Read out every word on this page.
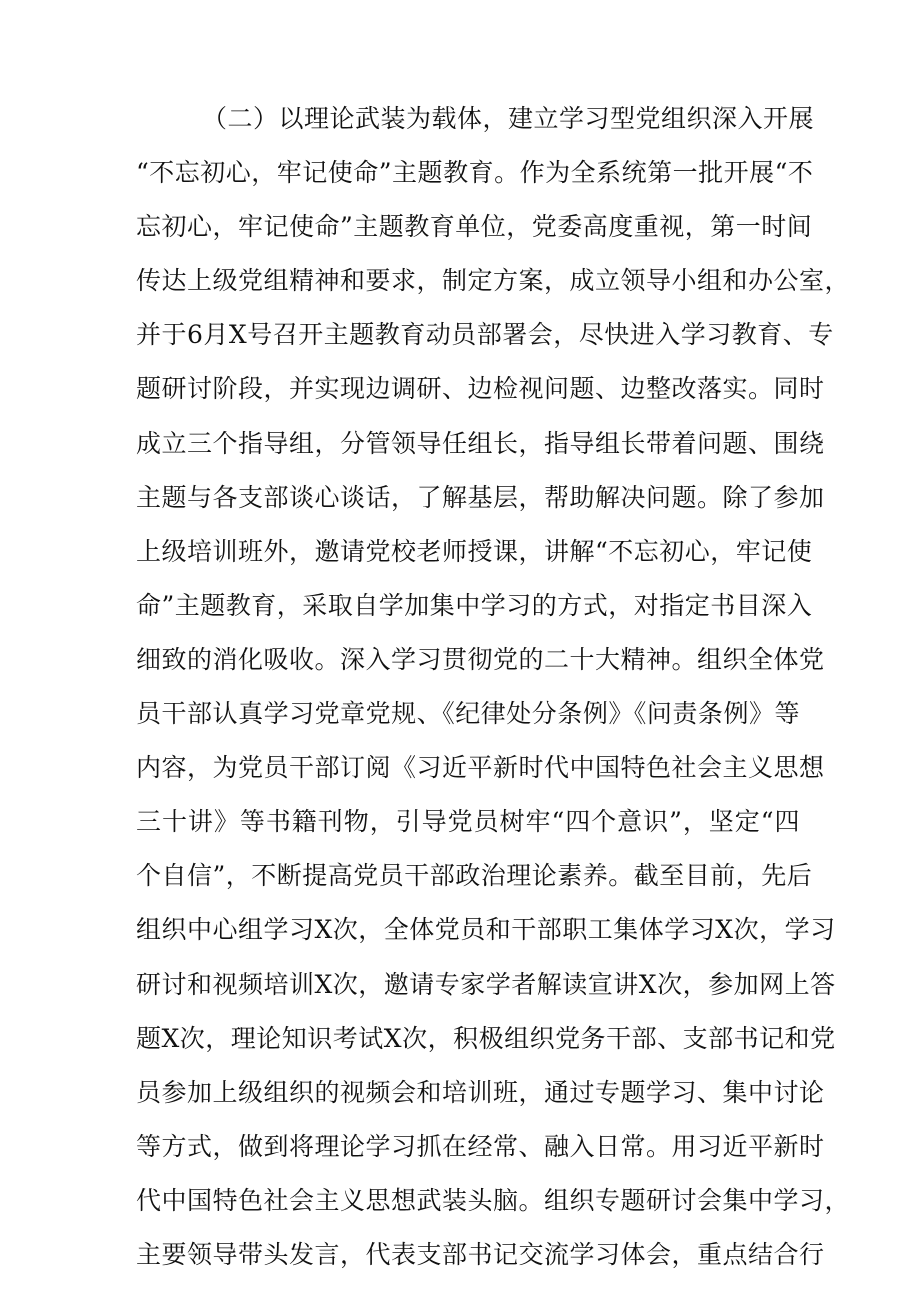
（二）以理论武装为载体，建立学习型党组织深入开展
“不忘初心，牢记使命”主题教育。作为全系统第一批开展“不
忘初心，牢记使命”主题教育单位，党委高度重视，第一时间
传达上级党组精神和要求，制定方案，成立领导小组和办公室，
并于6月X号召开主题教育动员部署会，尽快进入学习教育、专
题研讨阶段，并实现边调研、边检视问题、边整改落实。同时
成立三个指导组，分管领导任组长，指导组长带着问题、围绕
主题与各支部谈心谈话，了解基层，帮助解决问题。除了参加
上级培训班外，邀请党校老师授课，讲解“不忘初心，牢记使
命”主题教育，采取自学加集中学习的方式，对指定书目深入
细致的消化吸收。深入学习贯彻党的二十大精神。组织全体党
员干部认真学习党章党规、《纪律处分条例》《问责条例》等
内容，为党员干部订阅《习近平新时代中国特色社会主义思想
三十讲》等书籍刊物，引导党员树牢“四个意识”，坚定“四
个自信”，不断提高党员干部政治理论素养。截至目前，先后
组织中心组学习X次，全体党员和干部职工集体学习X次，学习
研讨和视频培训X次，邀请专家学者解读宣讲X次，参加网上答
题X次，理论知识考试X次，积极组织党务干部、支部书记和党
员参加上级组织的视频会和培训班，通过专题学习、集中讨论
等方式，做到将理论学习抓在经常、融入日常。用习近平新时
代中国特色社会主义思想武装头脑。组织专题研讨会集中学习，
主要领导带头发言，代表支部书记交流学习体会，重点结合行
